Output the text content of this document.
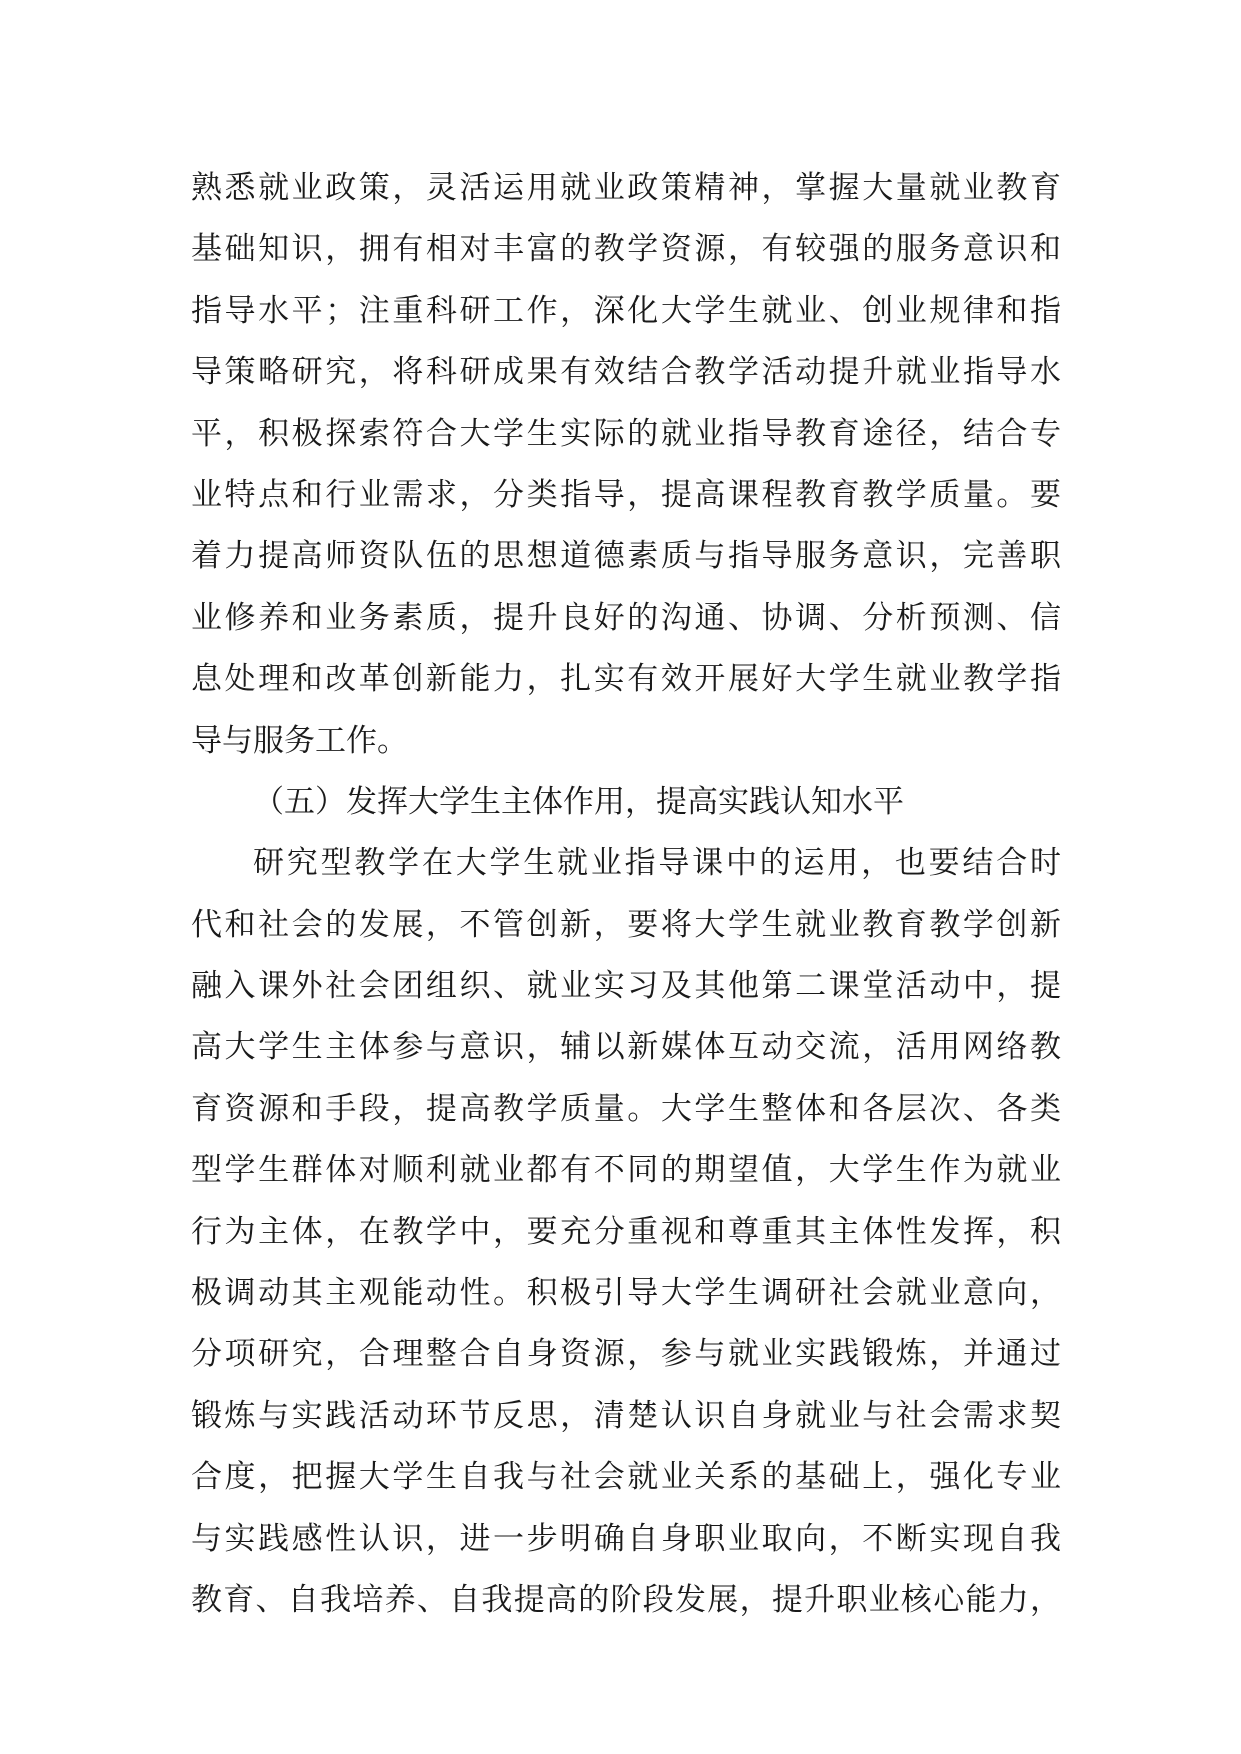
熟悉就业政策，灵活运用就业政策精神，掌握大量就业教育
基础知识，拥有相对丰富的教学资源，有较强的服务意识和
指导水平；注重科研工作，深化大学生就业、创业规律和指
导策略研究，将科研成果有效结合教学活动提升就业指导水
平，积极探索符合大学生实际的就业指导教育途径，结合专
业特点和行业需求，分类指导，提高课程教育教学质量。要
着力提高师资队伍的思想道德素质与指导服务意识，完善职
业修养和业务素质，提升良好的沟通、协调、分析预测、信
息处理和改革创新能力，扎实有效开展好大学生就业教学指
导与服务工作。
（五）发挥大学生主体作用，提高实践认知水平
研究型教学在大学生就业指导课中的运用，也要结合时
代和社会的发展，不管创新，要将大学生就业教育教学创新
融入课外社会团组织、就业实习及其他第二课堂活动中，提
高大学生主体参与意识，辅以新媒体互动交流，活用网络教
育资源和手段，提高教学质量。大学生整体和各层次、各类
型学生群体对顺利就业都有不同的期望值，大学生作为就业
行为主体，在教学中，要充分重视和尊重其主体性发挥，积
极调动其主观能动性。积极引导大学生调研社会就业意向，
分项研究，合理整合自身资源，参与就业实践锻炼，并通过
锻炼与实践活动环节反思，清楚认识自身就业与社会需求契
合度，把握大学生自我与社会就业关系的基础上，强化专业
与实践感性认识，进一步明确自身职业取向，不断实现自我
教育、自我培养、自我提高的阶段发展，提升职业核心能力，
